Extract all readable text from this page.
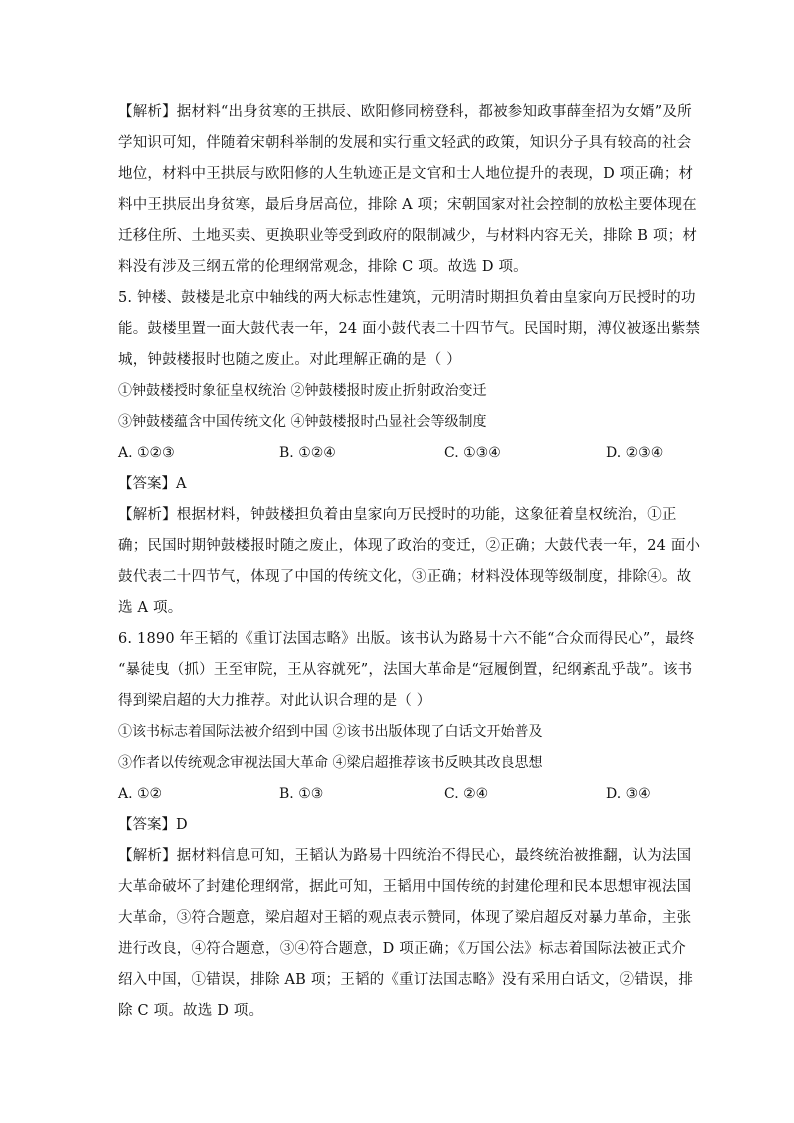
【解析】据材料“出身贫寒的王拱辰、欧阳修同榜登科，都被参知政事薛奎招为女婿”及所
学知识可知，伴随着宋朝科举制的发展和实行重文轻武的政策，知识分子具有较高的社会
地位，材料中王拱辰与欧阳修的人生轨迹正是文官和士人地位提升的表现，D 项正确；材
料中王拱辰出身贫寒，最后身居高位，排除 A 项；宋朝国家对社会控制的放松主要体现在
迁移住所、土地买卖、更换职业等受到政府的限制减少，与材料内容无关，排除 B 项；材
料没有涉及三纲五常的伦理纲常观念，排除 C 项。故选 D 项。
5. 钟楼、鼓楼是北京中轴线的两大标志性建筑，元明清时期担负着由皇家向万民授时的功
能。鼓楼里置一面大鼓代表一年，24 面小鼓代表二十四节气。民国时期，溥仪被逐出紫禁
城，钟鼓楼报时也随之废止。对此理解正确的是（ ）
①钟鼓楼授时象征皇权统治 ②钟鼓楼报时废止折射政治变迁
③钟鼓楼蕴含中国传统文化 ④钟鼓楼报时凸显社会等级制度
A. ①②③	B. ①②④	C. ①③④	D. ②③④
【答案】A
【解析】根据材料，钟鼓楼担负着由皇家向万民授时的功能，这象征着皇权统治，①正
确；民国时期钟鼓楼报时随之废止，体现了政治的变迁，②正确；大鼓代表一年，24 面小
鼓代表二十四节气，体现了中国的传统文化，③正确；材料没体现等级制度，排除④。故
选 A 项。
6. 1890 年王韬的《重订法国志略》出版。该书认为路易十六不能“合众而得民心”，最终
“暴徒曳（抓）王至审院，王从容就死”，法国大革命是“冠履倒置，纪纲紊乱乎哉”。该书
得到梁启超的大力推荐。对此认识合理的是（ ）
①该书标志着国际法被介绍到中国 ②该书出版体现了白话文开始普及
③作者以传统观念审视法国大革命 ④梁启超推荐该书反映其改良思想
A. ①②	B. ①③	C. ②④	D. ③④
【答案】D
【解析】据材料信息可知，王韬认为路易十四统治不得民心，最终统治被推翻，认为法国
大革命破坏了封建伦理纲常，据此可知，王韬用中国传统的封建伦理和民本思想审视法国
大革命，③符合题意，梁启超对王韬的观点表示赞同，体现了梁启超反对暴力革命，主张
进行改良，④符合题意，③④符合题意，D 项正确；《万国公法》标志着国际法被正式介
绍入中国，①错误，排除 AB 项；王韬的《重订法国志略》没有采用白话文，②错误，排
除 C 项。故选 D 项。
